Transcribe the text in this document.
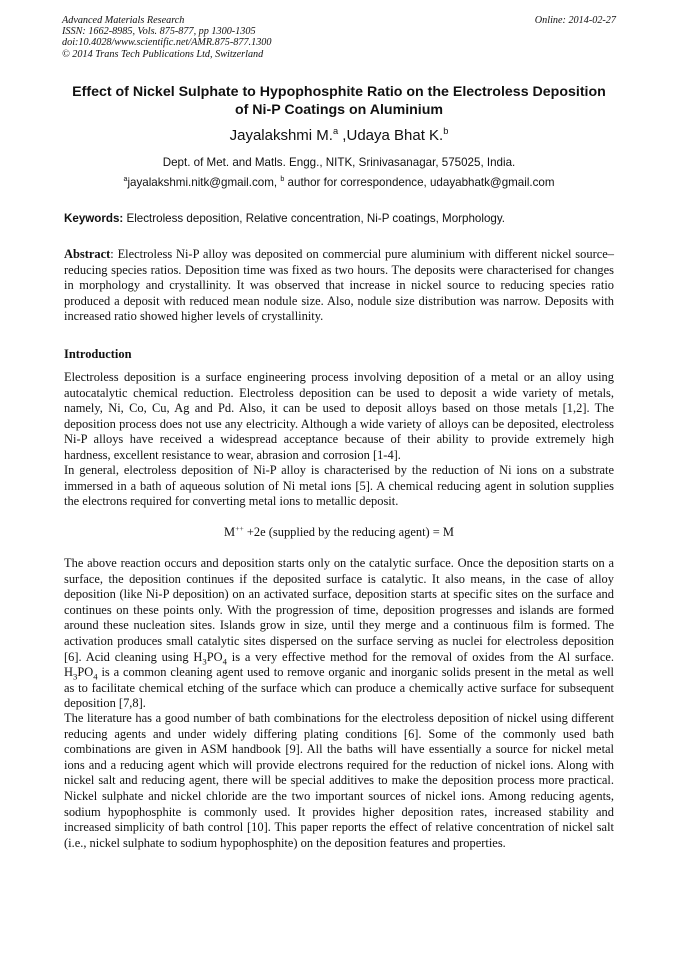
Advanced Materials Research
ISSN: 1662-8985, Vols. 875-877, pp 1300-1305
doi:10.4028/www.scientific.net/AMR.875-877.1300
© 2014 Trans Tech Publications Ltd, Switzerland
Online: 2014-02-27
Effect of Nickel Sulphate to Hypophosphite Ratio on the Electroless Deposition of Ni-P Coatings on Aluminium
Jayalakshmi M.$^a$ ,Udaya Bhat K.$^b$
Dept. of Met. and Matls. Engg., NITK, Srinivasanagar, 575025, India.
$^a$jayalakshmi.nitk@gmail.com, $^b$ author for correspondence, udayabhatk@gmail.com
Keywords: Electroless deposition, Relative concentration, Ni-P coatings, Morphology.

Abstract: Electroless Ni-P alloy was deposited on commercial pure aluminium with different nickel source–reducing species ratios. Deposition time was fixed as two hours. The deposits were characterised for changes in morphology and crystallinity. It was observed that increase in nickel source to reducing species ratio produced a deposit with reduced mean nodule size. Also, nodule size distribution was narrow. Deposits with increased ratio showed higher levels of crystallinity.

Introduction

Electroless deposition is a surface engineering process involving deposition of a metal or an alloy using autocatalytic chemical reduction. Electroless deposition can be used to deposit a wide variety of metals, namely, Ni, Co, Cu, Ag and Pd. Also, it can be used to deposit alloys based on those metals [1,2]. The deposition process does not use any electricity. Although a wide variety of alloys can be deposited, electroless Ni-P alloys have received a widespread acceptance because of their ability to provide extremely high hardness, excellent resistance to wear, abrasion and corrosion [1-4].

In general, electroless deposition of Ni-P alloy is characterised by the reduction of Ni ions on a substrate immersed in a bath of aqueous solution of Ni metal ions [5]. A chemical reducing agent in solution supplies the electrons required for converting metal ions to metallic deposit.

M++ +2e (supplied by the reducing agent) = M

The above reaction occurs and deposition starts only on the catalytic surface. Once the deposition starts on a surface, the deposition continues if the deposited surface is catalytic. It also means, in the case of alloy deposition (like Ni-P deposition) on an activated surface, deposition starts at specific sites on the surface and continues on these points only. With the progression of time, deposition progresses and islands are formed around these nucleation sites. Islands grow in size, until they merge and a continuous film is formed. The activation produces small catalytic sites dispersed on the surface serving as nuclei for electroless deposition [6]. Acid cleaning using $H_3PO_4$ is a very effective method for the removal of oxides from the Al surface. $H_3PO_4$ is a common cleaning agent used to remove organic and inorganic solids present in the metal as well as to facilitate chemical etching of the surface which can produce a chemically active surface for subsequent deposition [7,8].

The literature has a good number of bath combinations for the electroless deposition of nickel using different reducing agents and under widely differing plating conditions [6]. Some of the commonly used bath combinations are given in ASM handbook [9]. All the baths will have essentially a source for nickel metal ions and a reducing agent which will provide electrons required for the reduction of nickel ions. Along with nickel salt and reducing agent, there will be special additives to make the deposition process more practical. Nickel sulphate and nickel chloride are the two important sources of nickel ions. Among reducing agents, sodium hypophosphite is commonly used. It provides higher deposition rates, increased stability and increased simplicity of bath control [10]. This paper reports the effect of relative concentration of nickel salt (i.e., nickel sulphate to sodium hypophosphite) on the deposition features and properties.
